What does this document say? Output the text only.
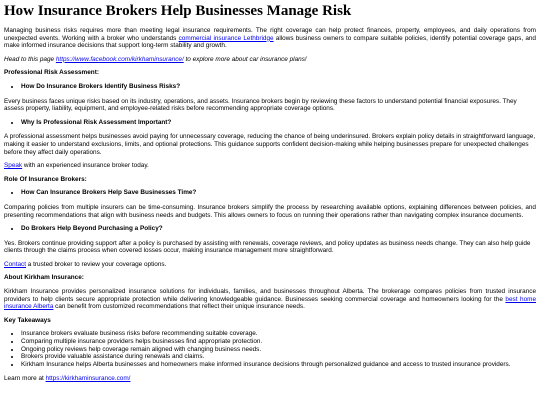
How Insurance Brokers Help Businesses Manage Risk

Managing business risks requires more than meeting legal insurance requirements. The right coverage can help protect finances, property, employees, and daily operations from unexpected events. Working with a broker who understands commercial insurance Lethbridge allows business owners to compare suitable policies, identify potential coverage gaps, and make informed insurance decisions that support long-term stability and growth.

Head to this page https://www.facebook.com/kirkhaminsurance/ to explore more about car insurance plans!

Professional Risk Assessment:
• How Do Insurance Brokers Identify Business Risks?

Every business faces unique risks based on its industry, operations, and assets. Insurance brokers begin by reviewing these factors to understand potential financial exposures. They assess property, liability, equipment, and employee-related risks before recommending appropriate coverage options.

• Why Is Professional Risk Assessment Important?

A professional assessment helps businesses avoid paying for unnecessary coverage, reducing the chance of being underinsured. Brokers explain policy details in straightforward language, making it easier to understand exclusions, limits, and optional protections. This guidance supports confident decision-making while helping businesses prepare for unexpected challenges before they affect daily operations.

Speak with an experienced insurance broker today.

Role Of Insurance Brokers:
• How Can Insurance Brokers Help Save Businesses Time?

Comparing policies from multiple insurers can be time-consuming. Insurance brokers simplify the process by researching available options, explaining differences between policies, and presenting recommendations that align with business needs and budgets. This allows owners to focus on running their operations rather than navigating complex insurance documents.

• Do Brokers Help Beyond Purchasing a Policy?

Yes. Brokers continue providing support after a policy is purchased by assisting with renewals, coverage reviews, and policy updates as business needs change. They can also help guide clients through the claims process when covered losses occur, making insurance management more straightforward.

Contact a trusted broker to review your coverage options.

About Kirkham Insurance:

Kirkham Insurance provides personalized insurance solutions for individuals, families, and businesses throughout Alberta. The brokerage compares policies from trusted insurance providers to help clients secure appropriate protection while delivering knowledgeable guidance. Businesses seeking commercial coverage and homeowners looking for the best home insurance Alberta can benefit from customized recommendations that reflect their unique insurance needs.

Key Takeaways
• Insurance brokers evaluate business risks before recommending suitable coverage.
• Comparing multiple insurance providers helps businesses find appropriate protection.
• Ongoing policy reviews help coverage remain aligned with changing business needs.
• Brokers provide valuable assistance during renewals and claims.
• Kirkham Insurance helps Alberta businesses and homeowners make informed insurance decisions through personalized guidance and access to trusted insurance providers.

Learn more at https://kirkhaminsurance.com/
